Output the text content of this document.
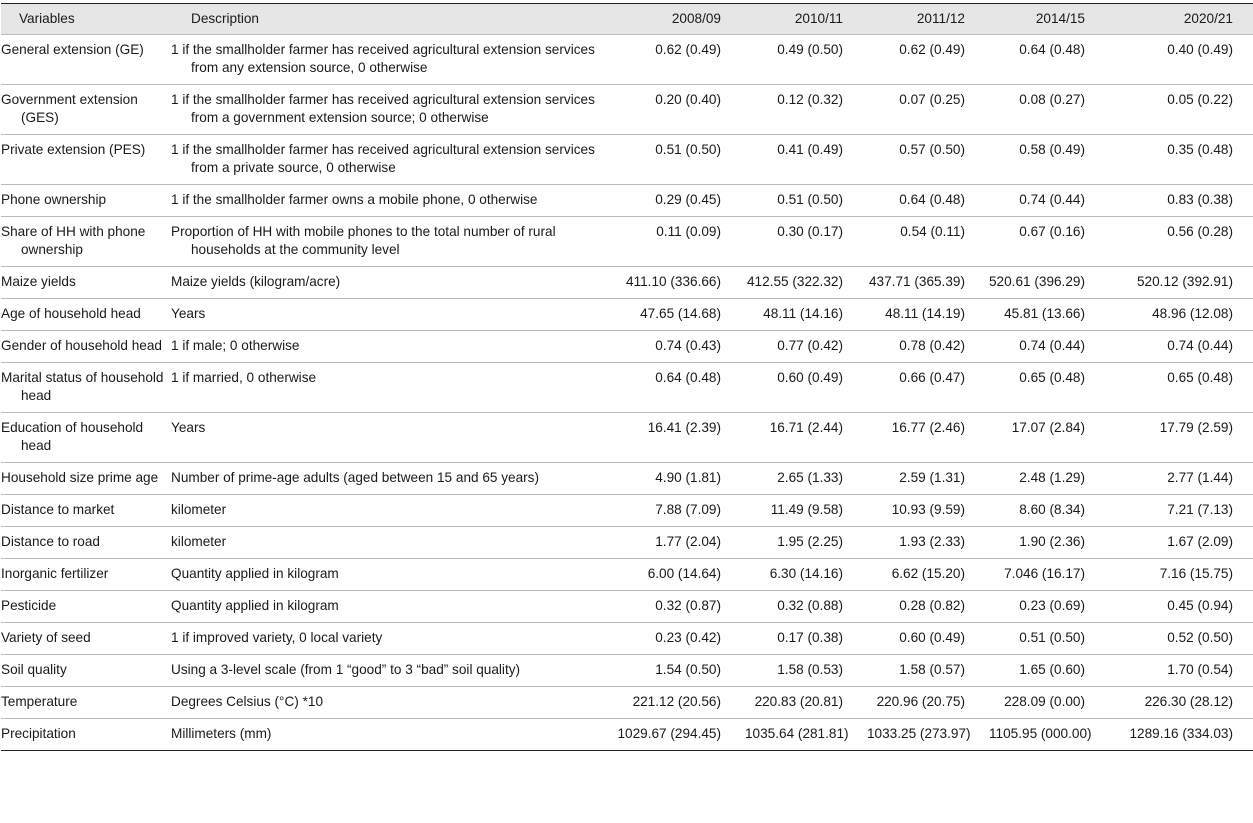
Variables	Description	2008/09	2010/11	2011/12	2014/15	2020/21
General extension (GE)	1 if the smallholder farmer has received agricultural extension services from any extension source, 0 otherwise	0.62 (0.49)	0.49 (0.50)	0.62 (0.49)	0.64 (0.48)	0.40 (0.49)
Government extension (GES)	1 if the smallholder farmer has received agricultural extension services from a government extension source; 0 otherwise	0.20 (0.40)	0.12 (0.32)	0.07 (0.25)	0.08 (0.27)	0.05 (0.22)
Private extension (PES)	1 if the smallholder farmer has received agricultural extension services from a private source, 0 otherwise	0.51 (0.50)	0.41 (0.49)	0.57 (0.50)	0.58 (0.49)	0.35 (0.48)
Phone ownership	1 if the smallholder farmer owns a mobile phone, 0 otherwise	0.29 (0.45)	0.51 (0.50)	0.64 (0.48)	0.74 (0.44)	0.83 (0.38)
Share of HH with phone ownership	Proportion of HH with mobile phones to the total number of rural households at the community level	0.11 (0.09)	0.30 (0.17)	0.54 (0.11)	0.67 (0.16)	0.56 (0.28)
Maize yields	Maize yields (kilogram/acre)	411.10 (336.66)	412.55 (322.32)	437.71 (365.39)	520.61 (396.29)	520.12 (392.91)
Age of household head	Years	47.65 (14.68)	48.11 (14.16)	48.11 (14.19)	45.81 (13.66)	48.96 (12.08)
Gender of household head	1 if male; 0 otherwise	0.74 (0.43)	0.77 (0.42)	0.78 (0.42)	0.74 (0.44)	0.74 (0.44)
Marital status of household head	1 if married, 0 otherwise	0.64 (0.48)	0.60 (0.49)	0.66 (0.47)	0.65 (0.48)	0.65 (0.48)
Education of household head	Years	16.41 (2.39)	16.71 (2.44)	16.77 (2.46)	17.07 (2.84)	17.79 (2.59)
Household size prime age	Number of prime-age adults (aged between 15 and 65 years)	4.90 (1.81)	2.65 (1.33)	2.59 (1.31)	2.48 (1.29)	2.77 (1.44)
Distance to market	kilometer	7.88 (7.09)	11.49 (9.58)	10.93 (9.59)	8.60 (8.34)	7.21 (7.13)
Distance to road	kilometer	1.77 (2.04)	1.95 (2.25)	1.93 (2.33)	1.90 (2.36)	1.67 (2.09)
Inorganic fertilizer	Quantity applied in kilogram	6.00 (14.64)	6.30 (14.16)	6.62 (15.20)	7.046 (16.17)	7.16 (15.75)
Pesticide	Quantity applied in kilogram	0.32 (0.87)	0.32 (0.88)	0.28 (0.82)	0.23 (0.69)	0.45 (0.94)
Variety of seed	1 if improved variety, 0 local variety	0.23 (0.42)	0.17 (0.38)	0.60 (0.49)	0.51 (0.50)	0.52 (0.50)
Soil quality	Using a 3-level scale (from 1 “good” to 3 “bad” soil quality)	1.54 (0.50)	1.58 (0.53)	1.58 (0.57)	1.65 (0.60)	1.70 (0.54)
Temperature	Degrees Celsius (°C) *10	221.12 (20.56)	220.83 (20.81)	220.96 (20.75)	228.09 (0.00)	226.30 (28.12)
Precipitation	Millimeters (mm)	1029.67 (294.45)	1035.64 (281.81)	1033.25 (273.97)	1105.95 (000.00)	1289.16 (334.03)
